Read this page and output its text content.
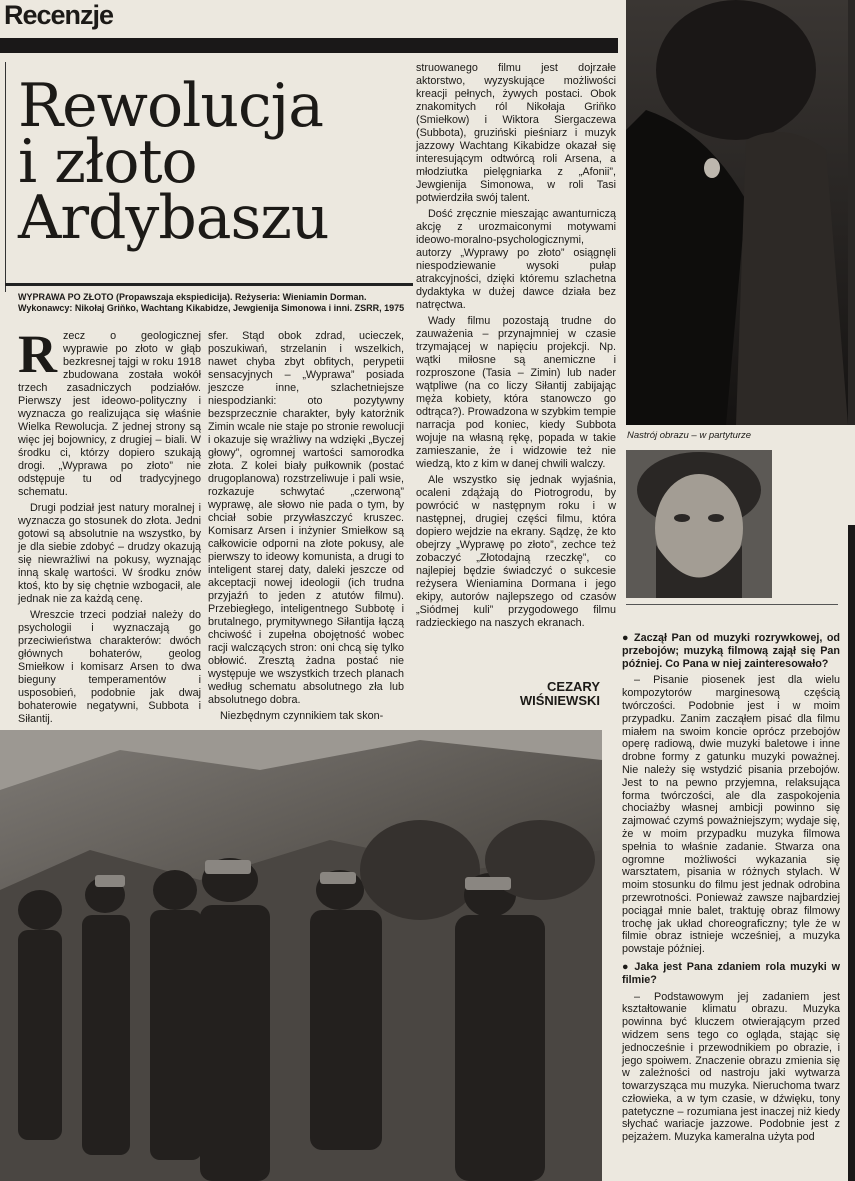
Recenzje
Rewolucja
i złoto
Ardybaszu
WYPRAWA PO ZŁOTO (Propawszaja ekspiedicija). Reżyseria: Wieniamin Dorman. Wykonawcy: Nikołaj Griňko, Wachtang Kikabidze, Jewgienija Simonowa i inni. ZSRR, 1975

Rzecz o geologicznej wyprawie po złoto w głąb bezkresnej tajgi w roku 1918 zbudowana została wokół trzech zasadniczych podziałów. Pierwszy jest ideowo-polityczny i wyznacza go realizująca się właśnie Wielka Rewolucja. Z jednej strony są więc jej bojownicy, z drugiej – biali. W środku ci, którzy dopiero szukają drogi. „Wyprawa po złoto” nie odstępuje tu od tradycyjnego schematu.

Drugi podział jest natury moralnej i wyznacza go stosunek do złota. Jedni gotowi są absolutnie na wszystko, by je dla siebie zdobyć – drudzy okazują się niewrażliwi na pokusy, wyznając inną skalę wartości. W środku znów ktoś, kto by się chętnie wzbogacił, ale jednak nie za każdą cenę.

Wreszcie trzeci podział należy do psychologii i wyznaczają go przeciwieństwa charakterów: dwóch głównych bohaterów, geolog Smiełkow i komisarz Arsen to dwa bieguny temperamentów i usposobień, podobnie jak dwaj bohaterowie negatywni, Subbota i Siłantij.

sfer. Stąd obok zdrad, ucieczek, poszukiwań, strzelanin i wszelkich, nawet chyba zbyt obfitych, perypetii sensacyjnych – „Wyprawa” posiada jeszcze inne, szlachetniejsze niespodzianki: oto pozytywny bezsprzecznie charakter, były katorżnik Zimin wcale nie staje po stronie rewolucji i okazuje się wrażliwy na wdzięki „Byczej głowy”, ogromnej wartości samorodka złota. Z kolei biały pułkownik (postać drugoplanowa) rozstrzeliwuje i pali wsie, rozkazuje schwytać „czerwoną” wyprawę, ale słowo nie pada o tym, by chciał sobie przywłaszczyć kruszec. Komisarz Arsen i inżynier Smiełkow są całkowicie odporni na złote pokusy, ale pierwszy to ideowy komunista, a drugi to inteligent starej daty, daleki jeszcze od akceptacji nowej ideologii (ich trudna przyjaźń to jeden z atutów filmu). Przebiegłego, inteligentnego Subbotę i brutalnego, prymitywnego Siłantija łączą chciwość i zupełna obojętność wobec racji walczących stron: oni chcą się tylko obłowić. Zresztą żadna postać nie występuje we wszystkich trzech planach według schematu absolutnego zła lub absolutnego dobra.

Niezbędnym czynnikiem tak skon-

struowanego filmu jest dojrzałe aktorstwo, wyzyskujące możliwości kreacji pełnych, żywych postaci. Obok znakomitych ról Nikołaja Griňko (Smiełkow) i Wiktora Siergaczewa (Subbota), gruziński pieśniarz i muzyk jazzowy Wachtang Kikabidze okazał się interesującym odtwórcą roli Arsena, a młodziutka pielęgniarka z „Afonii”, Jewgienija Simonowa, w roli Tasi potwierdziła swój talent.

Dość zręcznie mieszając awanturniczą akcję z urozmaiconymi motywami ideowo-moralno-psychologicznymi, autorzy „Wyprawy po złoto” osiągnęli niespodziewanie wysoki pułap atrakcyjności, dzięki któremu szlachetna dydaktyka w dużej dawce działa bez natręctwa.

Wady filmu pozostają trudne do zauważenia – przynajmniej w czasie trzymającej w napięciu projekcji. Np. wątki miłosne są anemiczne i rozproszone (Tasia – Zimin) lub nader wątpliwe (na co liczy Siłantij zabijając męża kobiety, która stanowczo go odtrąca?). Prowadzona w szybkim tempie narracja pod koniec, kiedy Subbota wojuje na własną rękę, popada w takie zamieszanie, że i widzowie też nie wiedzą, kto z kim w danej chwili walczy.

Ale wszystko się jednak wyjaśnia, ocaleni zdążają do Piotrogrodu, by powrócić w następnym roku i w następnej, drugiej części filmu, która dopiero wejdzie na ekrany. Sądzę, że kto obejrzy „Wyprawę po złoto”, zechce też zobaczyć „Złotodajną rzeczkę”, co najlepiej będzie świadczyć o sukcesie reżysera Wieniamina Dormana i jego ekipy, autorów najlepszego od czasów „Siódmej kuli” przygodowego filmu radzieckiego na naszych ekranach.

CEZARY
WIŚNIEWSKI
Nastrój obrazu – w partyturze

● Zaczął Pan od muzyki rozrywkowej, od przebojów; muzyką filmową zajął się Pan później. Co Pana w niej zainteresowało?

– Pisanie piosenek jest dla wielu kompozytorów marginesową częścią twórczości. Podobnie jest i w moim przypadku. Zanim zacząłem pisać dla filmu miałem na swoim koncie oprócz przebojów operę radiową, dwie muzyki baletowe i inne drobne formy z gatunku muzyki poważnej. Nie należy się wstydzić pisania przebojów. Jest to na pewno przyjemna, relaksująca forma twórczości, ale dla zaspokojenia chociażby własnej ambicji powinno się zajmować czymś poważniejszym; wydaje się, że w moim przypadku muzyka filmowa spełnia to właśnie zadanie. Stwarza ona ogromne możliwości wykazania się warsztatem, pisania w różnych stylach. W moim stosunku do filmu jest jednak odrobina przewrotności. Ponieważ zawsze najbardziej pociągał mnie balet, traktuję obraz filmowy trochę jak układ choreograficzny; tyle że w filmie obraz istnieje wcześniej, a muzyka powstaje później.

● Jaka jest Pana zdaniem rola muzyki w filmie?

– Podstawowym jej zadaniem jest kształtowanie klimatu obrazu. Muzyka powinna być kluczem otwierającym przed widzem sens tego co ogląda, stając się jednocześnie i przewodnikiem po obrazie, i jego spoiwem. Znaczenie obrazu zmienia się w zależności od nastroju jaki wytwarza towarzysząca mu muzyka. Nieruchoma twarz człowieka, a w tym czasie, w dźwięku, tony patetyczne – rozumiana jest inaczej niż kiedy słychać wariacje jazzowe. Podobnie jest z pejzażem. Muzyka kameralna użyta pod
